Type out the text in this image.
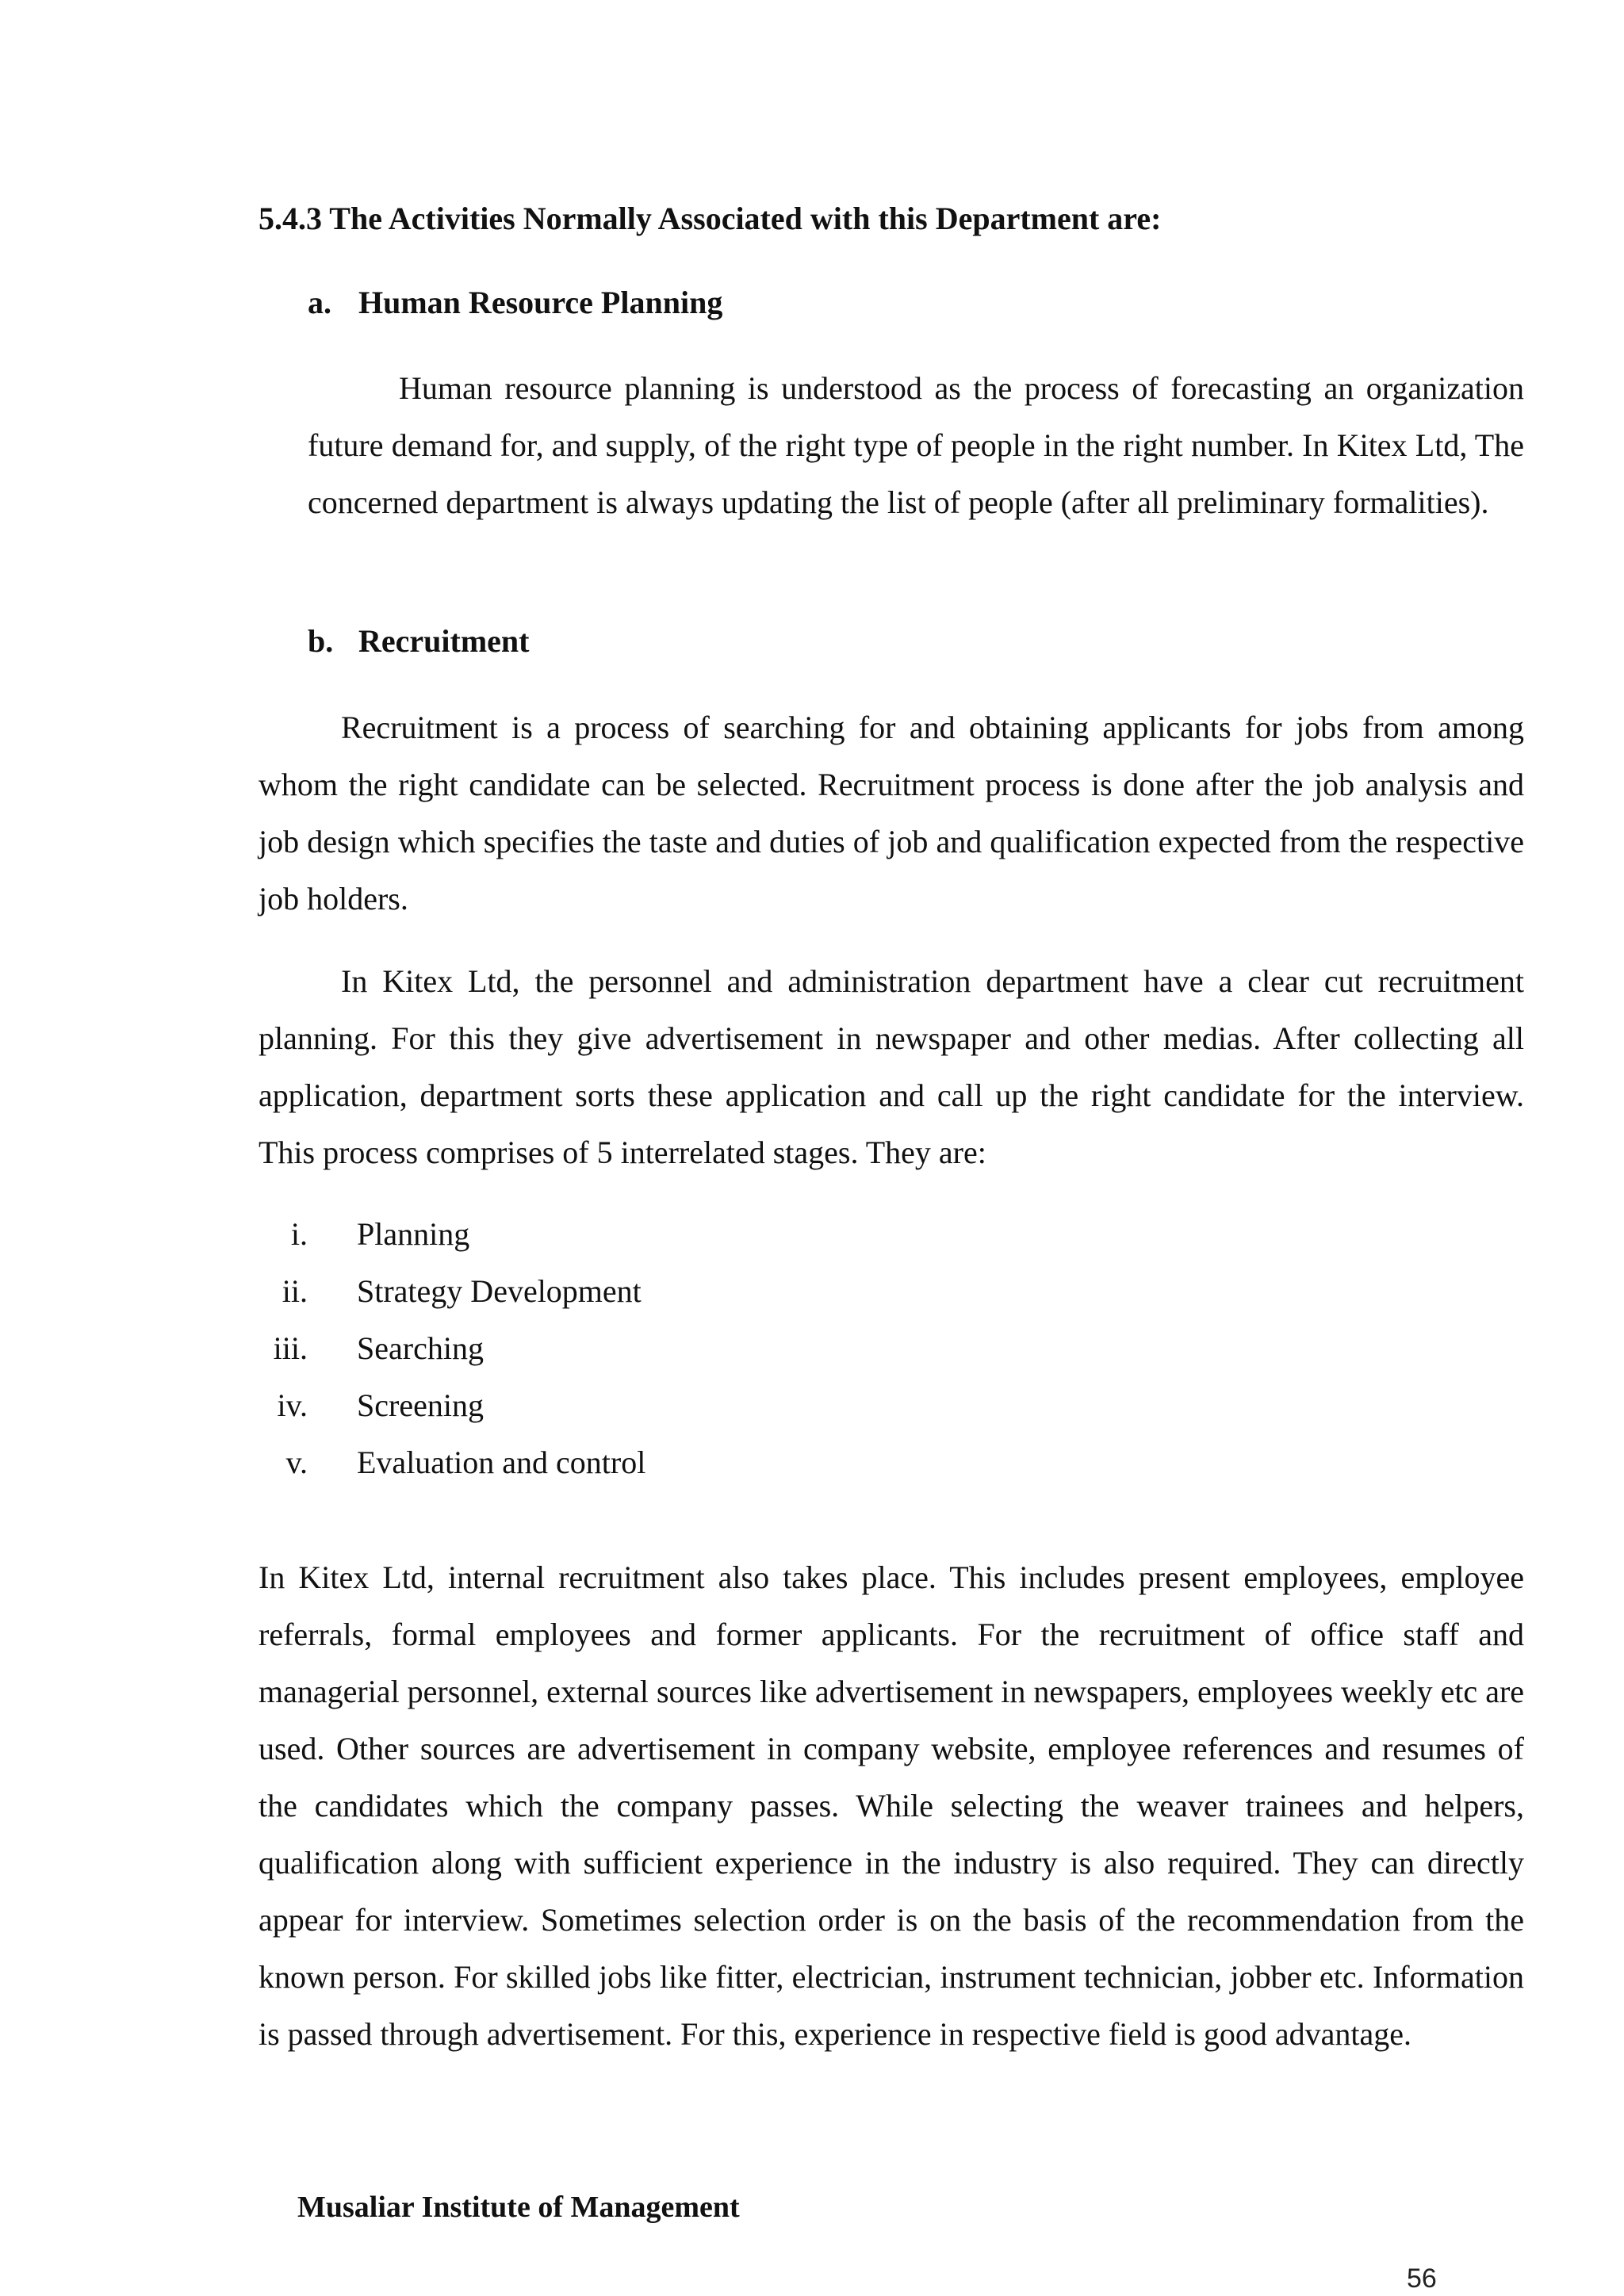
5.4.3 The Activities Normally Associated with this Department are:
a. Human Resource Planning

Human resource planning is understood as the process of forecasting an organization future demand for, and supply, of the right type of people in the right number. In Kitex Ltd, The concerned department is always updating the list of people (after all preliminary formalities).

b. Recruitment

Recruitment is a process of searching for and obtaining applicants for jobs from among whom the right candidate can be selected. Recruitment process is done after the job analysis and job design which specifies the taste and duties of job and qualification expected from the respective job holders.

In Kitex Ltd, the personnel and administration department have a clear cut recruitment planning. For this they give advertisement in newspaper and other medias. After collecting all application, department sorts these application and call up the right candidate for the interview. This process comprises of 5 interrelated stages. They are:

i. Planning
ii. Strategy Development
iii. Searching
iv. Screening
v. Evaluation and control

In Kitex Ltd, internal recruitment also takes place. This includes present employees, employee referrals, formal employees and former applicants. For the recruitment of office staff and managerial personnel, external sources like advertisement in newspapers, employees weekly etc are used. Other sources are advertisement in company website, employee references and resumes of the candidates which the company passes. While selecting the weaver trainees and helpers, qualification along with sufficient experience in the industry is also required. They can directly appear for interview. Sometimes selection order is on the basis of the recommendation from the known person. For skilled jobs like fitter, electrician, instrument technician, jobber etc. Information is passed through advertisement. For this, experience in respective field is good advantage.

Musaliar Institute of Management
56
